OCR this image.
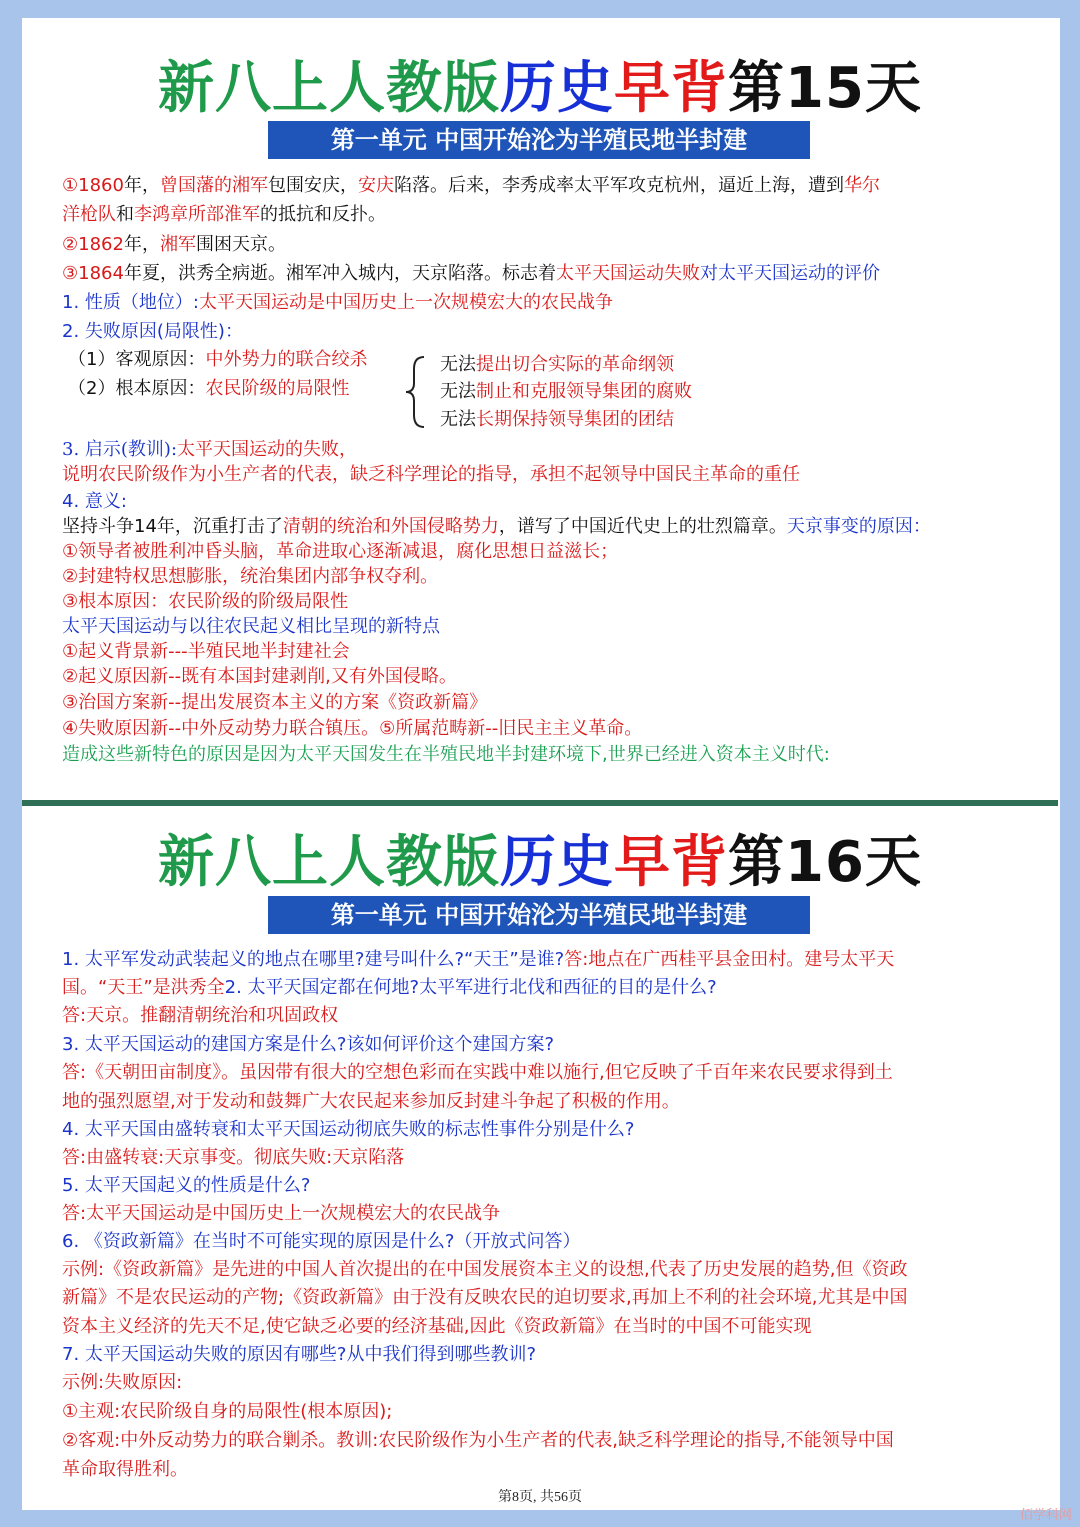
新八上人教版历史早背第15天
第一单元 中国开始沦为半殖民地半封建
①1860年，曾国藩的湘军包围安庆，安庆陷落。后来，李秀成率太平军攻克杭州，逼近上海，遭到华尔
洋枪队和李鸿章所部淮军的抵抗和反扑。
②1862年，湘军围困天京。
③1864年夏，洪秀全病逝。湘军冲入城内，天京陷落。标志着太平天国运动失败对太平天国运动的评价
1. 性质（地位）:太平天国运动是中国历史上一次规模宏大的农民战争
2. 失败原因(局限性)：
（1）客观原因：中外势力的联合绞杀
（2）根本原因：农民阶级的局限性
无法提出切合实际的革命纲领
无法制止和克服领导集团的腐败
无法长期保持领导集团的团结
3. 启示(教训):太平天国运动的失败，
说明农民阶级作为小生产者的代表，缺乏科学理论的指导，承担不起领导中国民主革命的重任
4. 意义:
坚持斗争14年，沉重打击了清朝的统治和外国侵略势力，谱写了中国近代史上的壮烈篇章。天京事变的原因：
①领导者被胜利冲昏头脑，革命进取心逐渐减退，腐化思想日益滋长；
②封建特权思想膨胀，统治集团内部争权夺利。
③根本原因：农民阶级的阶级局限性
太平天国运动与以往农民起义相比呈现的新特点
①起义背景新---半殖民地半封建社会
②起义原因新--既有本国封建剥削,又有外国侵略。
③治国方案新--提出发展资本主义的方案《资政新篇》
④失败原因新--中外反动势力联合镇压。⑤所属范畴新--旧民主主义革命。
造成这些新特色的原因是因为太平天国发生在半殖民地半封建环境下,世界已经进入资本主义时代:
新八上人教版历史早背第16天
第一单元 中国开始沦为半殖民地半封建
1. 太平军发动武装起义的地点在哪里?建号叫什么?“天王”是谁?答:地点在广西桂平县金田村。建号太平天
国。“天王”是洪秀全2. 太平天国定都在何地?太平军进行北伐和西征的目的是什么?
答:天京。推翻清朝统治和巩固政权
3. 太平天国运动的建国方案是什么?该如何评价这个建国方案?
答:《天朝田亩制度》。虽因带有很大的空想色彩而在实践中难以施行,但它反映了千百年来农民要求得到土
地的强烈愿望,对于发动和鼓舞广大农民起来参加反封建斗争起了积极的作用。
4. 太平天国由盛转衰和太平天国运动彻底失败的标志性事件分别是什么?
答:由盛转衰:天京事变。彻底失败:天京陷落
5. 太平天国起义的性质是什么?
答:太平天国运动是中国历史上一次规模宏大的农民战争
6. 《资政新篇》在当时不可能实现的原因是什么?（开放式问答）
示例:《资政新篇》是先进的中国人首次提出的在中国发展资本主义的设想,代表了历史发展的趋势,但《资政
新篇》不是农民运动的产物;《资政新篇》由于没有反映农民的迫切要求,再加上不利的社会环境,尤其是中国
资本主义经济的先天不足,使它缺乏必要的经济基础,因此《资政新篇》在当时的中国不可能实现
7. 太平天国运动失败的原因有哪些?从中我们得到哪些教训?
示例:失败原因:
①主观:农民阶级自身的局限性(根本原因);
②客观:中外反动势力的联合剿杀。教训:农民阶级作为小生产者的代表,缺乏科学理论的指导,不能领导中国
革命取得胜利。
第8页, 共56页
佰学科网
